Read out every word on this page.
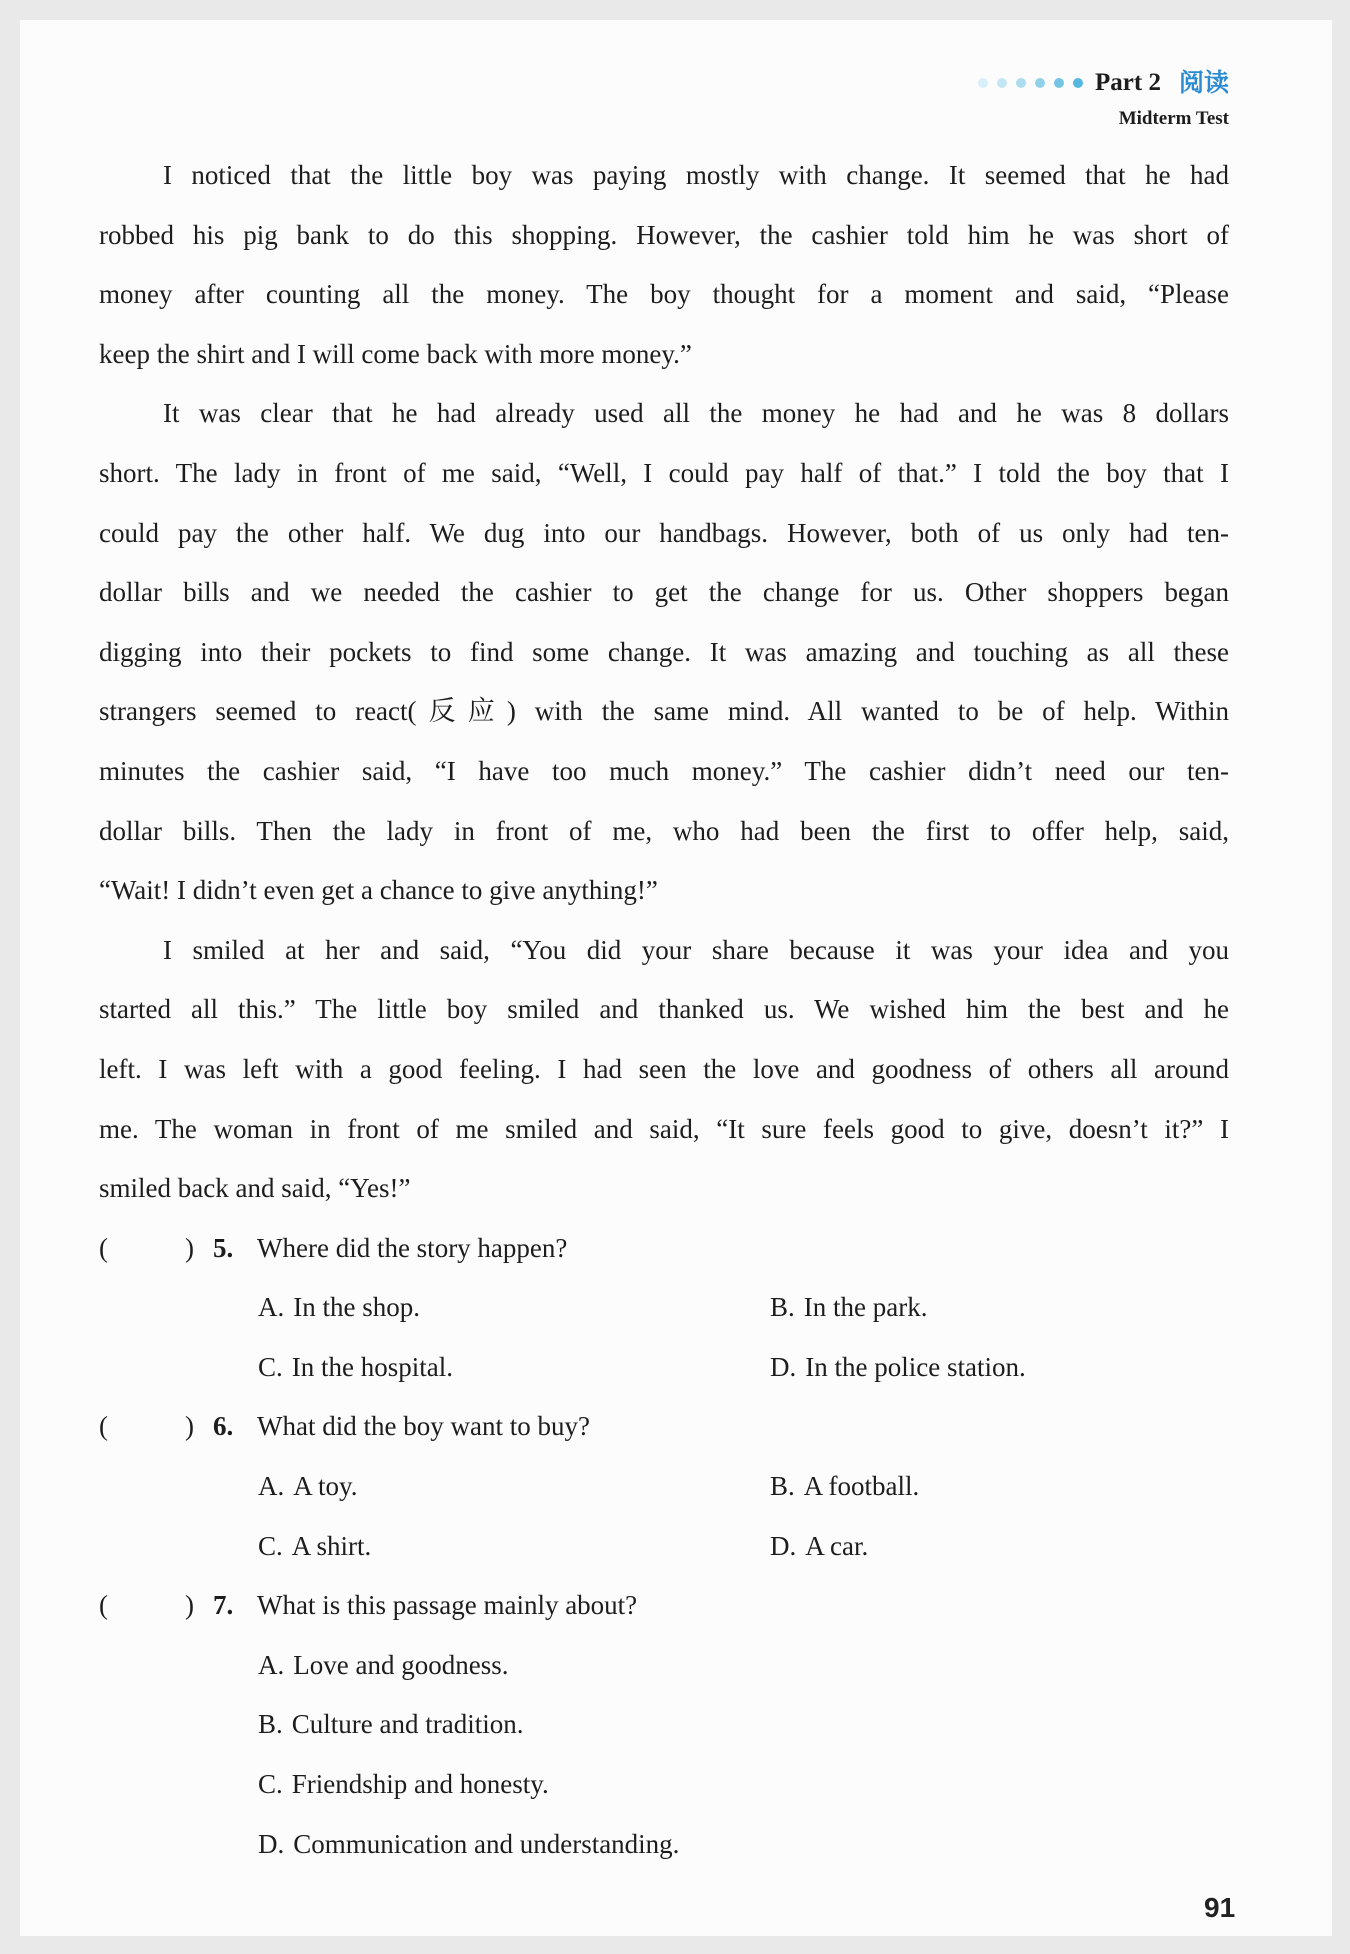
Part 2 阅读
Midterm Test
I noticed that the little boy was paying mostly with change. It seemed that he had
robbed his pig bank to do this shopping. However, the cashier told him he was short of
money after counting all the money. The boy thought for a moment and said, “Please
keep the shirt and I will come back with more money.”
It was clear that he had already used all the money he had and he was 8 dollars
short. The lady in front of me said, “Well, I could pay half of that.” I told the boy that I
could pay the other half. We dug into our handbags. However, both of us only had ten-
dollar bills and we needed the cashier to get the change for us. Other shoppers began
digging into their pockets to find some change. It was amazing and touching as all these
strangers seemed to react(反应) with the same mind. All wanted to be of help. Within
minutes the cashier said, “I have too much money.” The cashier didn’t need our ten-
dollar bills. Then the lady in front of me, who had been the first to offer help, said,
“Wait! I didn’t even get a chance to give anything!”
I smiled at her and said, “You did your share because it was your idea and you
started all this.” The little boy smiled and thanked us. We wished him the best and he
left. I was left with a good feeling. I had seen the love and goodness of others all around
me. The woman in front of me smiled and said, “It sure feels good to give, doesn’t it?” I
smiled back and said, “Yes!”
(	) 5. Where did the story happen?
A. In the shop.	B. In the park.
C. In the hospital.	D. In the police station.
(	) 6. What did the boy want to buy?
A. A toy.	B. A football.
C. A shirt.	D. A car.
(	) 7. What is this passage mainly about?
A. Love and goodness.
B. Culture and tradition.
C. Friendship and honesty.
D. Communication and understanding.
91
